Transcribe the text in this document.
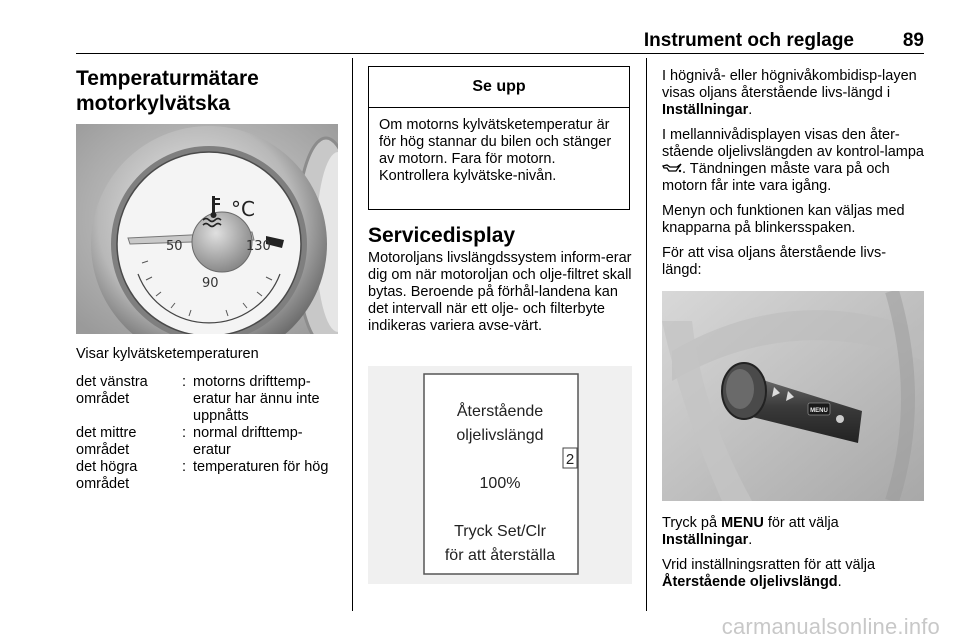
Instrument och reglage	89
Temperaturmätare
motorkylvätska
50	130
90
°C

Visar kylvätsketemperaturen

det vänstra området
: motorns drifttemp-eratur har ännu inte uppnåtts
det mittre området
: normal drifttemp-eratur
det högra området
: temperaturen för hög
Se upp
Om motorns kylvätsketemperatur är för hög stannar du bilen och stänger av motorn. Fara för motorn. Kontrollera kylvätske-nivån.
Servicedisplay

Motoroljans livslängdssystem inform-erar dig om när motoroljan och olje-filtret skall bytas. Beroende på förhål-landena kan det intervall när ett olje- och filterbyte indikeras variera avse-värt.

Återstående
oljelivslängd
2
100%
Tryck Set/Clr
för att återställa

I högnivå- eller högnivåkombidisp-layen visas oljans återstående livs-längd i Inställningar.

I mellannivådisplayen visas den åter-stående oljelivslängden av kontrol-lampa . Tändningen måste vara på och motorn får inte vara igång.

Menyn och funktionen kan väljas med knapparna på blinkersspaken.

För att visa oljans återstående livs-längd:

MENU

Tryck på MENU för att välja
Inställningar.

Vrid inställningsratten för att välja
Återstående oljelivslängd.

carmanualsonline.info
